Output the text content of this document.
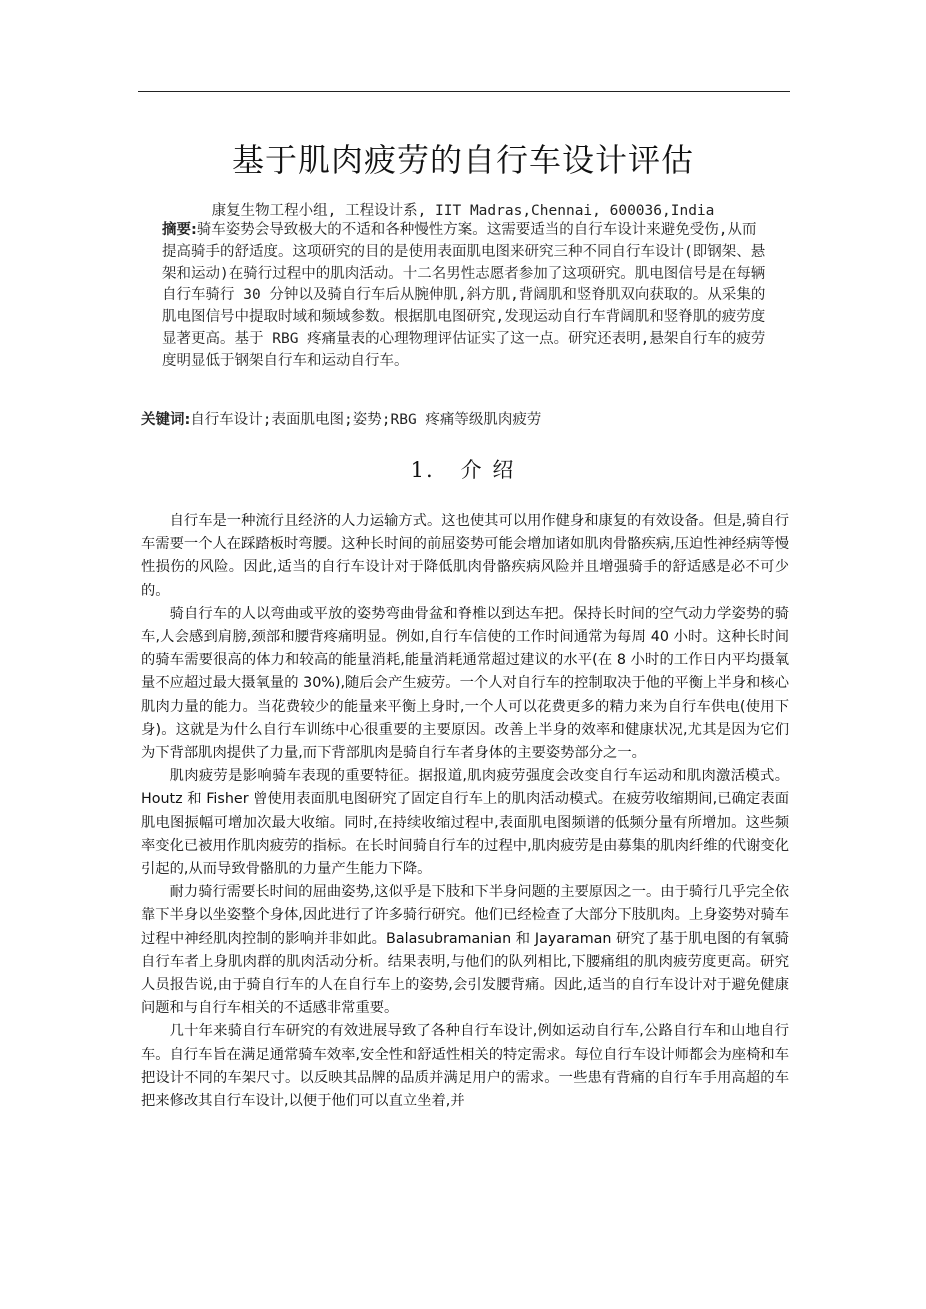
基于肌肉疲劳的自行车设计评估
康复生物工程小组, 工程设计系, IIT Madras,Chennai, 600036,India
摘要:骑车姿势会导致极大的不适和各种慢性方案。这需要适当的自行车设计来避免受伤,从而提高骑手的舒适度。这项研究的目的是使用表面肌电图来研究三种不同自行车设计(即钢架、悬架和运动)在骑行过程中的肌肉活动。十二名男性志愿者参加了这项研究。肌电图信号是在每辆自行车骑行 30 分钟以及骑自行车后从腕伸肌,斜方肌,背阔肌和竖脊肌双向获取的。从采集的肌电图信号中提取时域和频域参数。根据肌电图研究,发现运动自行车背阔肌和竖脊肌的疲劳度显著更高。基于 RBG 疼痛量表的心理物理评估证实了这一点。研究还表明,悬架自行车的疲劳度明显低于钢架自行车和运动自行车。
关键词:自行车设计;表面肌电图;姿势;RBG 疼痛等级肌肉疲劳
1. 介 绍

自行车是一种流行且经济的人力运输方式。这也使其可以用作健身和康复的有效设备。但是,骑自行车需要一个人在踩踏板时弯腰。这种长时间的前屈姿势可能会增加诸如肌肉骨骼疾病,压迫性神经病等慢性损伤的风险。因此,适当的自行车设计对于降低肌肉骨骼疾病风险并且增强骑手的舒适感是必不可少的。

骑自行车的人以弯曲或平放的姿势弯曲骨盆和脊椎以到达车把。保持长时间的空气动力学姿势的骑车,人会感到肩膀,颈部和腰背疼痛明显。例如,自行车信使的工作时间通常为每周 40 小时。这种长时间的骑车需要很高的体力和较高的能量消耗,能量消耗通常超过建议的水平(在 8 小时的工作日内平均摄氧量不应超过最大摄氧量的 30%),随后会产生疲劳。一个人对自行车的控制取决于他的平衡上半身和核心肌肉力量的能力。当花费较少的能量来平衡上身时,一个人可以花费更多的精力来为自行车供电(使用下身)。这就是为什么自行车训练中心很重要的主要原因。改善上半身的效率和健康状况,尤其是因为它们为下背部肌肉提供了力量,而下背部肌肉是骑自行车者身体的主要姿势部分之一。

肌肉疲劳是影响骑车表现的重要特征。据报道,肌肉疲劳强度会改变自行车运动和肌肉激活模式。Houtz 和 Fisher 曾使用表面肌电图研究了固定自行车上的肌肉活动模式。在疲劳收缩期间,已确定表面肌电图振幅可增加次最大收缩。同时,在持续收缩过程中,表面肌电图频谱的低频分量有所增加。这些频率变化已被用作肌肉疲劳的指标。在长时间骑自行车的过程中,肌肉疲劳是由募集的肌肉纤维的代谢变化引起的,从而导致骨骼肌的力量产生能力下降。

耐力骑行需要长时间的屈曲姿势,这似乎是下肢和下半身问题的主要原因之一。由于骑行几乎完全依靠下半身以坐姿整个身体,因此进行了许多骑行研究。他们已经检查了大部分下肢肌肉。上身姿势对骑车过程中神经肌肉控制的影响并非如此。Balasubramanian 和 Jayaraman 研究了基于肌电图的有氧骑自行车者上身肌肉群的肌肉活动分析。结果表明,与他们的队列相比,下腰痛组的肌肉疲劳度更高。研究人员报告说,由于骑自行车的人在自行车上的姿势,会引发腰背痛。因此,适当的自行车设计对于避免健康问题和与自行车相关的不适感非常重要。

几十年来骑自行车研究的有效进展导致了各种自行车设计,例如运动自行车,公路自行车和山地自行车。自行车旨在满足通常骑车效率,安全性和舒适性相关的特定需求。每位自行车设计师都会为座椅和车把设计不同的车架尺寸。以反映其品牌的品质并满足用户的需求。一些患有背痛的自行车手用高超的车把来修改其自行车设计,以便于他们可以直立坐着,并
